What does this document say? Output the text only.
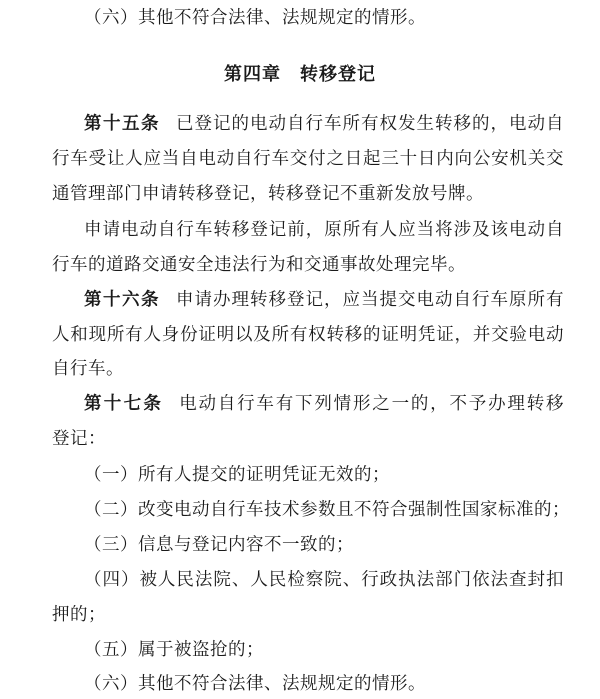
（六）其他不符合法律、法规规定的情形。
第四章　转移登记
第十五条 已登记的电动自行车所有权发生转移的，电动自
行车受让人应当自电动自行车交付之日起三十日内向公安机关交
通管理部门申请转移登记，转移登记不重新发放号牌。
申请电动自行车转移登记前，原所有人应当将涉及该电动自
行车的道路交通安全违法行为和交通事故处理完毕。
第十六条 申请办理转移登记，应当提交电动自行车原所有
人和现所有人身份证明以及所有权转移的证明凭证，并交验电动
自行车。
第十七条 电动自行车有下列情形之一的，不予办理转移
登记：
（一）所有人提交的证明凭证无效的；
（二）改变电动自行车技术参数且不符合强制性国家标准的；
（三）信息与登记内容不一致的；
（四）被人民法院、人民检察院、行政执法部门依法查封扣
押的；
（五）属于被盗抢的；
（六）其他不符合法律、法规规定的情形。
